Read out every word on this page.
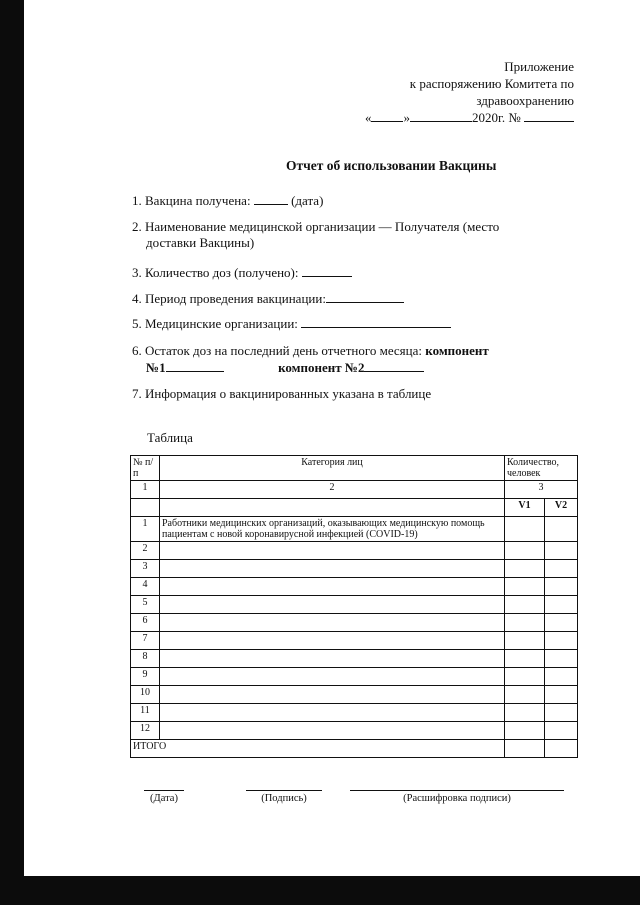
Приложение
к распоряжению Комитета по
здравоохранению
« »	2020г. №
Отчет об использовании Вакцины
1. Вакцина получена:	(дата)
2. Наименование медицинской организации — Получателя (место
доставки Вакцины)
3. Количество доз (получено):
4. Период проведения вакцинации:
5. Медицинские организации:
6. Остаток доз на последний день отчетного месяца: компонент
№1	компонент №2
7. Информация о вакцинированных указана в таблице
Таблица
№ п/п	Категория лиц	Количество, человек	
1	2	3	
		V1	V2
1	Работники медицинских организаций, оказывающих медицинскую помощь пациентам с новой коронавирусной инфекцией (COVID-19)		
2			
3			
4			
5			
6			
7			
8			
9			
10			
11			
12			
ИТОГО			
(Дата)	(Подпись)	(Расшифровка подписи)
